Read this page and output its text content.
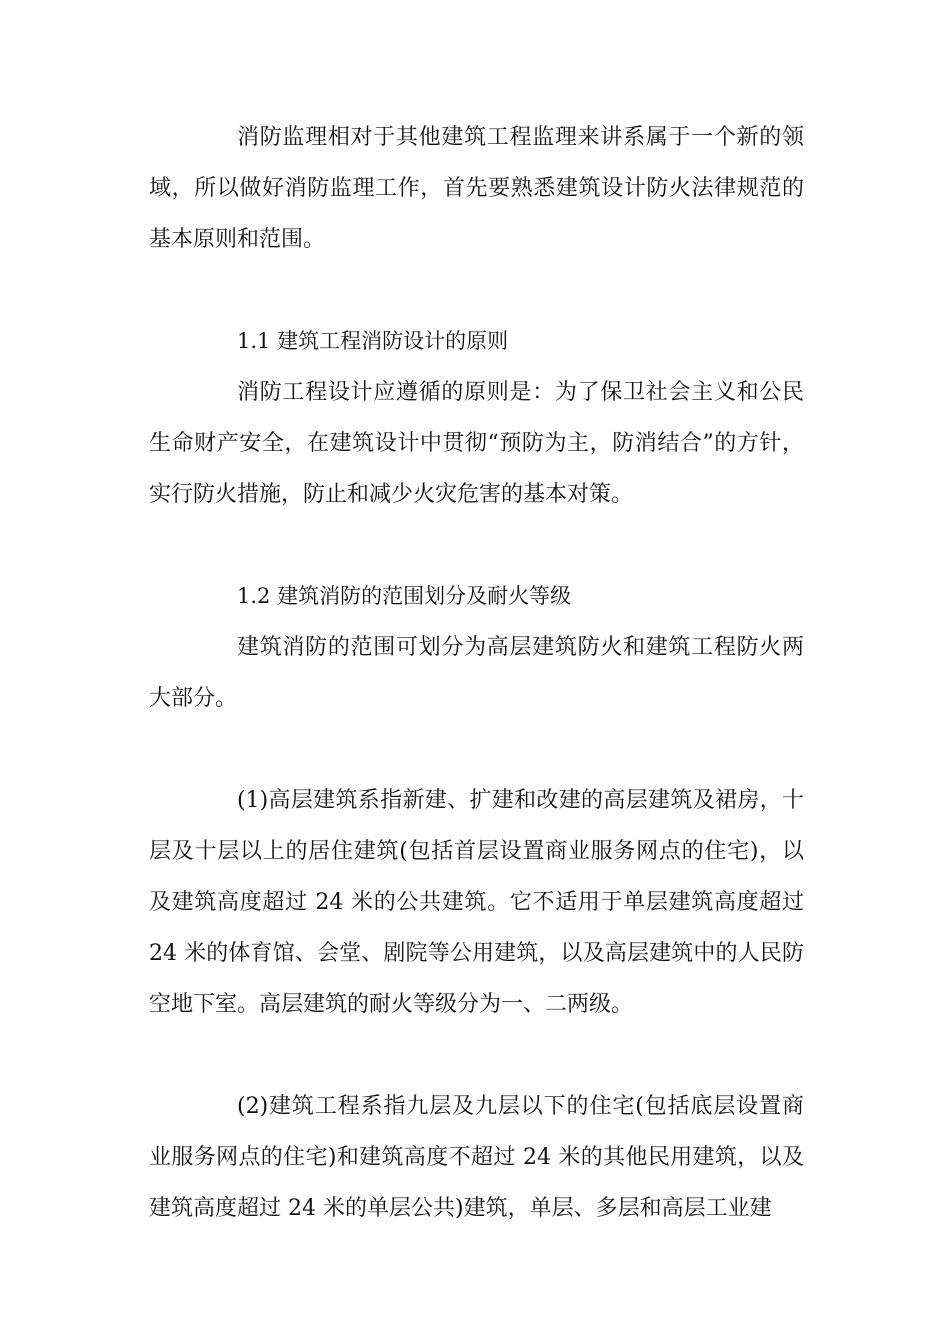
消防监理相对于其他建筑工程监理来讲系属于一个新的领域，所以做好消防监理工作，首先要熟悉建筑设计防火法律规范的基本原则和范围。

1.1 建筑工程消防设计的原则

消防工程设计应遵循的原则是：为了保卫社会主义和公民生命财产安全，在建筑设计中贯彻“预防为主，防消结合”的方针，实行防火措施，防止和减少火灾危害的基本对策。

1.2 建筑消防的范围划分及耐火等级

建筑消防的范围可划分为高层建筑防火和建筑工程防火两大部分。

(1)高层建筑系指新建、扩建和改建的高层建筑及裙房，十层及十层以上的居住建筑(包括首层设置商业服务网点的住宅)，以及建筑高度超过 24 米的公共建筑。它不适用于单层建筑高度超过 24 米的体育馆、会堂、剧院等公用建筑，以及高层建筑中的人民防空地下室。高层建筑的耐火等级分为一、二两级。

(2)建筑工程系指九层及九层以下的住宅(包括底层设置商业服务网点的住宅)和建筑高度不超过 24 米的其他民用建筑，以及建筑高度超过 24 米的单层公共)建筑，单层、多层和高层工业建
